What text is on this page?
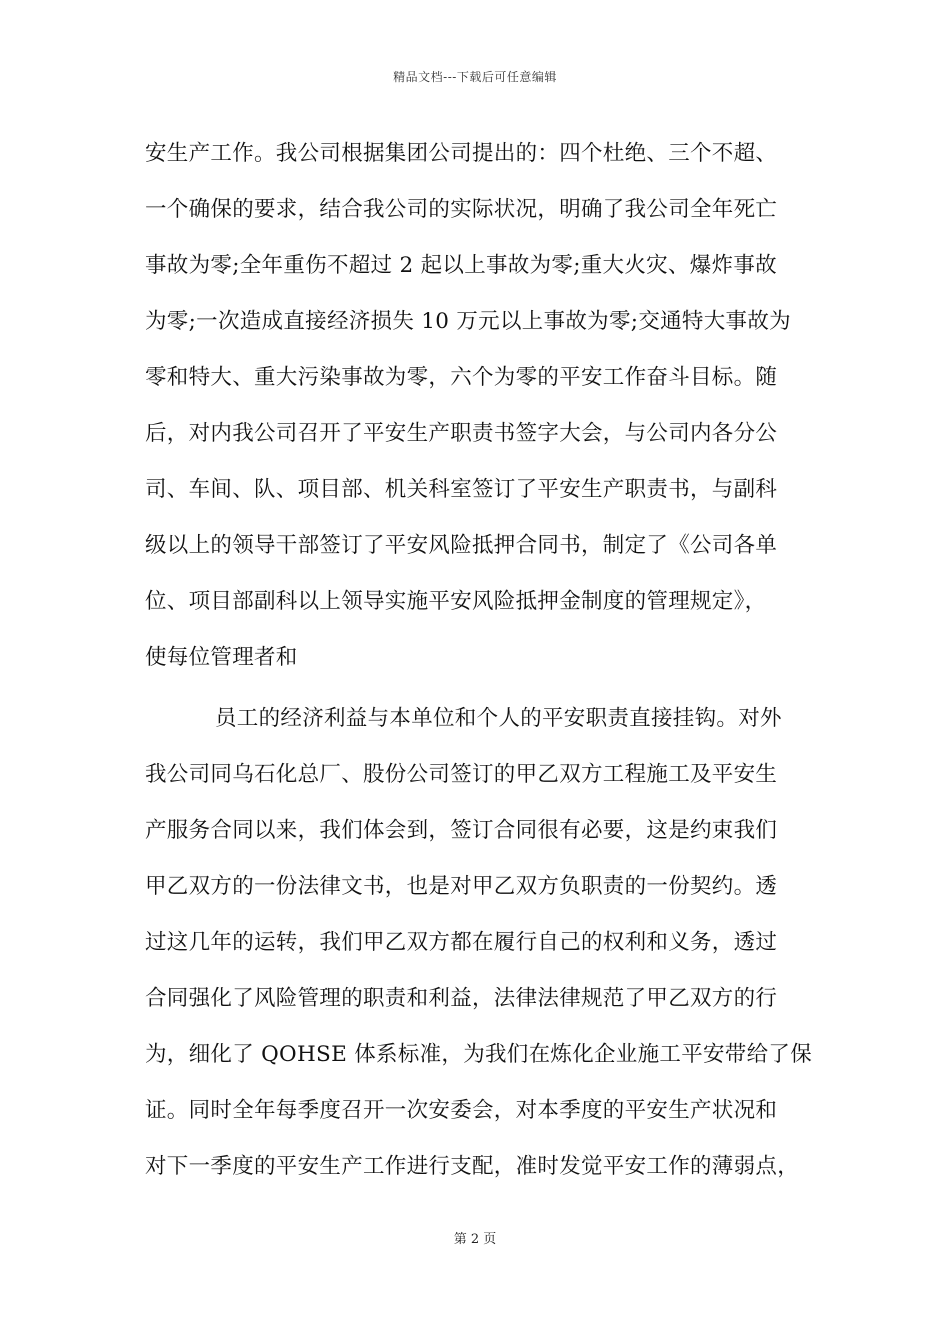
精品文档---下载后可任意编辑
安生产工作。我公司根据集团公司提出的：四个杜绝、三个不超、
一个确保的要求，结合我公司的实际状况，明确了我公司全年死亡
事故为零;全年重伤不超过 2 起以上事故为零;重大火灾、爆炸事故
为零;一次造成直接经济损失 10 万元以上事故为零;交通特大事故为
零和特大、重大污染事故为零，六个为零的平安工作奋斗目标。随
后，对内我公司召开了平安生产职责书签字大会，与公司内各分公
司、车间、队、项目部、机关科室签订了平安生产职责书，与副科
级以上的领导干部签订了平安风险抵押合同书，制定了《公司各单
位、项目部副科以上领导实施平安风险抵押金制度的管理规定》，
使每位管理者和
员工的经济利益与本单位和个人的平安职责直接挂钩。对外
我公司同乌石化总厂、股份公司签订的甲乙双方工程施工及平安生
产服务合同以来，我们体会到，签订合同很有必要，这是约束我们
甲乙双方的一份法律文书，也是对甲乙双方负职责的一份契约。透
过这几年的运转，我们甲乙双方都在履行自己的权利和义务，透过
合同强化了风险管理的职责和利益，法律法律规范了甲乙双方的行
为，细化了 QOHSE 体系标准，为我们在炼化企业施工平安带给了保
证。同时全年每季度召开一次安委会，对本季度的平安生产状况和
对下一季度的平安生产工作进行支配，准时发觉平安工作的薄弱点，
第 2 页
